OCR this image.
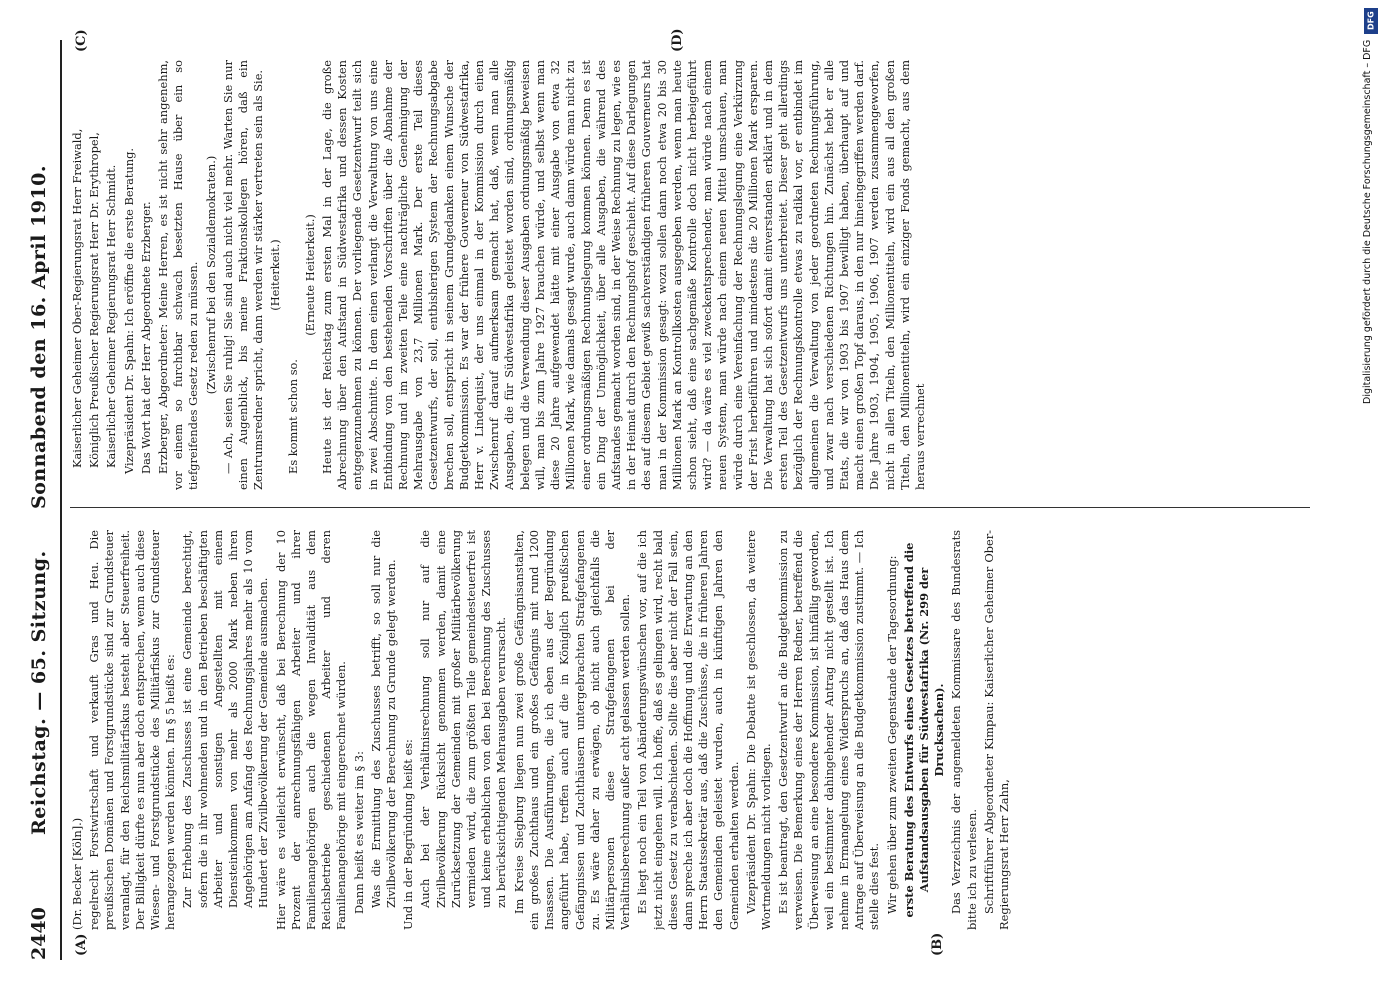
2440
Reichstag. — 65. Sitzung.   Sonnabend den 16. April 1910.
(A)	(B)
(C)	(D)

(Dr. Becker [Köln].) regelrecht Forstwirtschaft und verkauft Gras und Heu. Die preußischen Domänen und Forstgrundstücke sind zur Grundsteuer veranlagt, für den Reichsmilitärfiskus besteht aber Steuerfreiheit. Der Billigkeit dürfte es nun aber doch entsprechen, wenn auch diese Wiesen- und Forstgrundstücke des Militärfiskus zur Grundsteuer herangezogen werden könnten. Im § 5 heißt es: Zur Erhebung des Zuschusses ist eine Gemeinde berechtigt, sofern die in ihr wohnenden und in den Betrieben beschäftigten Arbeiter und sonstigen Angestellten mit einem Diensteinkommen von mehr als 2000 Mark neben ihren Angehörigen am Anfang des Rechnungsjahres mehr als 10 vom Hundert der Zivilbevölkerung der Gemeinde ausmachen. Hier wäre es vielleicht erwünscht, daß bei Berechnung der 10 Prozent der anrechnungsfähigen Arbeiter und ihrer Familienangehörigen auch die wegen Invalidität aus dem Reichsbetriebe geschiedenen Arbeiter und deren Familienangehörige mit eingerechnet würden. Dann heißt es weiter im § 3: Was die Ermittlung des Zuschusses betrifft, so soll nur die Zivilbevölkerung der Berechnung zu Grunde gelegt werden. Und in der Begründung heißt es: Auch bei der Verhältnisrechnung soll nur auf die Zivilbevölkerung Rücksicht genommen werden, damit eine Zurücksetzung der Gemeinden mit großer Militärbevölkerung vermieden wird, die zum größten Teile gemeindesteuerfrei ist und keine erheblichen von den bei Berechnung des Zuschusses zu berücksichtigenden Mehrausgaben verursacht. Im Kreise Siegburg liegen nun zwei große Gefängnisanstalten, ein großes Zuchthaus und ein großes Gefängnis mit rund 1200 Insassen. Die Ausführungen, die ich eben aus der Begründung angeführt habe, treffen auch auf die in Königlich preußischen Gefängnissen und Zuchthäusern untergebrachten Strafgefangenen zu. Es wäre daher zu erwägen, ob nicht auch gleichfalls die Militärpersonen diese Strafgefangenen bei der Verhältnisberechnung außer acht gelassen werden sollen. Es liegt noch ein Teil von Abänderungswünschen vor, auf die ich jetzt nicht eingehen will. Ich hoffe, daß es gelingen wird, recht bald dieses Gesetz zu verabschieden. Sollte dies aber nicht der Fall sein, dann spreche ich aber doch die Hoffnung und die Erwartung an den Herrn Staatssekretär aus, daß die Zuschüsse, die in früheren Jahren den Gemeinden geleistet wurden, auch in künftigen Jahren den Gemeinden erhalten werden. Vizepräsident Dr. Spahn: Die Debatte ist geschlossen, da weitere Wortmeldungen nicht vorliegen. Es ist beantragt, den Gesetzentwurf an die Budgetkommission zu verweisen. Die Bemerkung eines der Herren Redner, betreffend die Überweisung an eine besondere Kommission, ist hinfällig geworden, weil ein bestimmter dahingehender Antrag nicht gestellt ist. Ich nehme in Ermangelung eines Widerspruchs an, daß das Haus dem Antrage auf Überweisung an die Budgetkommission zustimmt. — Ich stelle dies fest. Wir gehen über zum zweiten Gegenstande der Tagesordnung: erste Beratung des Entwurfs eines Gesetzes betreffend die Aufstandsausgaben für Südwestafrika (Nr. 299 der Drucksachen). Das Verzeichnis der angemeldeten Kommissare des Bundesrats bitte ich zu verlesen. Schriftführer Abgeordneter Kimpau: Kaiserlicher Geheimer Ober-Regierungsrat Herr Zahn,

Kaiserlicher Geheimer Ober-Regierungsrat Herr Freiwald, Königlich Preußischer Regierungsrat Herr Dr. Erythropel, Kaiserlicher Geheimer Regierungsrat Herr Schmidt. Vizepräsident Dr. Spahn: Ich eröffne die erste Beratung. Das Wort hat der Herr Abgeordnete Erzberger. Erzberger, Abgeordneter: Meine Herren, es ist nicht sehr angenehm, vor einem so furchtbar schwach besetzten Hause über ein so tiefgreifendes Gesetz reden zu müssen. (Zwischenruf bei den Sozialdemokraten.) — Ach, seien Sie ruhig! Sie sind auch nicht viel mehr. Warten Sie nur einen Augenblick, bis meine Fraktionskollegen hören, daß ein Zentrumsredner spricht, dann werden wir stärker vertreten sein als Sie. (Heiterkeit.)

Es kommt schon so.

(Erneute Heiterkeit.) Heute ist der Reichstag zum ersten Mal in der Lage, die große Abrechnung über den Aufstand in Südwestafrika und dessen Kosten entgegenzunehmen zu können. Der vorliegende Gesetzentwurf teilt sich in zwei Abschnitte. In dem einen verlangt die Verwaltung von uns eine Entbindung von den bestehenden Vorschriften über die Abnahme der Rechnung und im zweiten Teile eine nachträgliche Genehmigung der Mehrausgabe von 23,7 Millionen Mark. Der erste Teil dieses Gesetzentwurfs, der soll, entbisherigen System der Rechnungsabgabe brechen soll, entspricht in seinem Grundgedanken einem Wunsche der Budgetkommission. Es war der frühere Gouverneur von Südwestafrika, Herr v. Lindequist, der uns einmal in der Kommission durch einen Zwischenruf darauf aufmerksam gemacht hat, daß, wenn man alle Ausgaben, die für Südwestafrika geleistet worden sind, ordnungsmäßig belegen und die Verwendung dieser Ausgaben ordnungsmäßig beweisen will, man bis zum Jahre 1927 brauchen würde, und selbst wenn man diese 20 Jahre aufgewendet hätte mit einer Ausgabe von etwa 32 Millionen Mark, wie damals gesagt wurde, auch dann würde man nicht zu einer ordnungsmäßigen Rechnungslegung kommen können. Denn es ist ein Ding der Unmöglichkeit, über alle Ausgaben, die während des Aufstandes gemacht worden sind, in der Weise Rechnung zu legen, wie es in der Heimat durch den Rechnungshof geschieht. Auf diese Darlegungen des auf diesem Gebiet gewiß sachverständigen früheren Gouverneurs hat man in der Kommission gesagt: wozu sollen dann noch etwa 20 bis 30 Millionen Mark an Kontrollkosten ausgegeben werden, wenn man heute schon sieht, daß eine sachgemäße Kontrolle doch nicht herbeigeführt wird? — da wäre es viel zweckentsprechender, man würde nach einem neuen System, man würde nach einem neuen Mittel umschauen, man würde durch eine Vereinfachung der Rechnungslegung eine Verkürzung der Frist herbeiführen und mindestens die 20 Millionen Mark ersparen. Die Verwaltung hat sich sofort damit einverstanden erklärt und in dem ersten Teil des Gesetzentwurfs uns unterbreitet. Dieser geht allerdings bezüglich der Rechnungskontrolle etwas zu radikal vor, er entbindet im allgemeinen die Verwaltung von jeder geordneten Rechnungsführung, und zwar nach verschiedenen Richtungen hin. Zunächst hebt er alle Etats, die wir von 1903 bis 1907 bewilligt haben, überhaupt auf und macht einen großen Topf daraus, in den nur hineingegriffen werden darf. Die Jahre 1903, 1904, 1905, 1906, 1907 werden zusammengeworfen, nicht in allen Titeln, den Millionentiteln, wird ein aus all den großen Titeln, den Millionentiteln, wird ein einziger Fonds gemacht, aus dem heraus verrechnet

DFG
Digitalisierung gefördert durch die Deutsche Forschungsgemeinschaft – DFG
